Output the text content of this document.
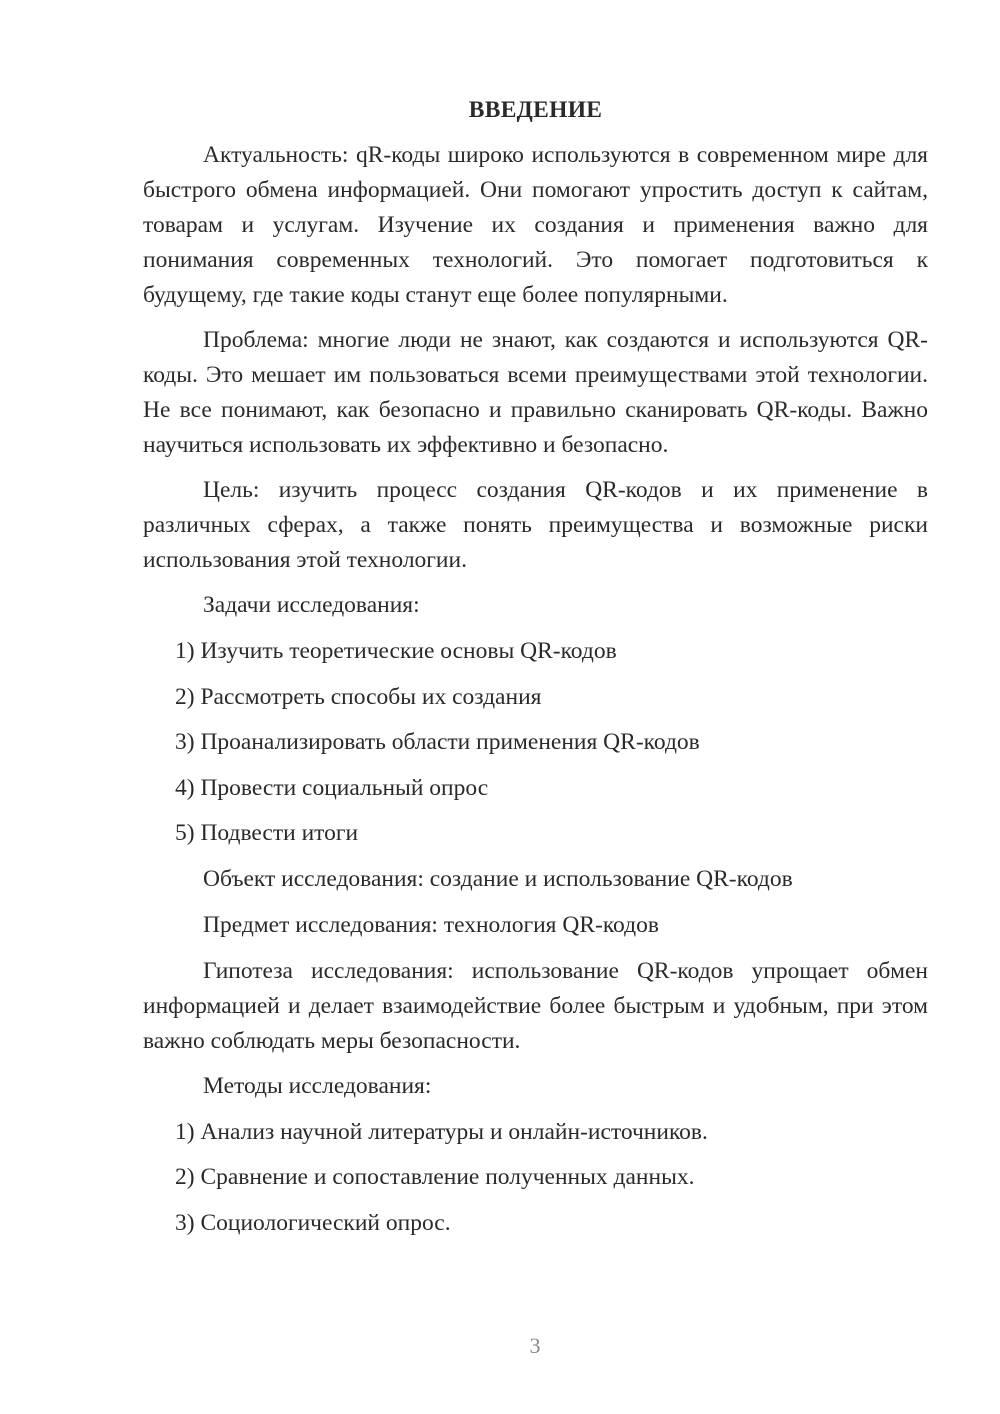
ВВЕДЕНИЕ

Актуальность: qR-коды широко используются в современном мире для быстрого обмена информацией. Они помогают упростить доступ к сайтам, товарам и услугам. Изучение их создания и применения важно для понимания современных технологий. Это помогает подготовиться к будущему, где такие коды станут еще более популярными.

Проблема: многие люди не знают, как создаются и используются QR-коды. Это мешает им пользоваться всеми преимуществами этой технологии. Не все понимают, как безопасно и правильно сканировать QR-коды. Важно научиться использовать их эффективно и безопасно.

Цель: изучить процесс создания QR-кодов и их применение в различных сферах, а также понять преимущества и возможные риски использования этой технологии.

Задачи исследования:
1) Изучить теоретические основы QR-кодов
2) Рассмотреть способы их создания
3) Проанализировать области применения QR-кодов
4) Провести социальный опрос
5) Подвести итоги
Объект исследования: создание и использование QR-кодов
Предмет исследования: технология QR-кодов

Гипотеза исследования: использование QR-кодов упрощает обмен информацией и делает взаимодействие более быстрым и удобным, при этом важно соблюдать меры безопасности.

Методы исследования:
1) Анализ научной литературы и онлайн-источников.
2) Сравнение и сопоставление полученных данных.
3) Социологический опрос.
3
